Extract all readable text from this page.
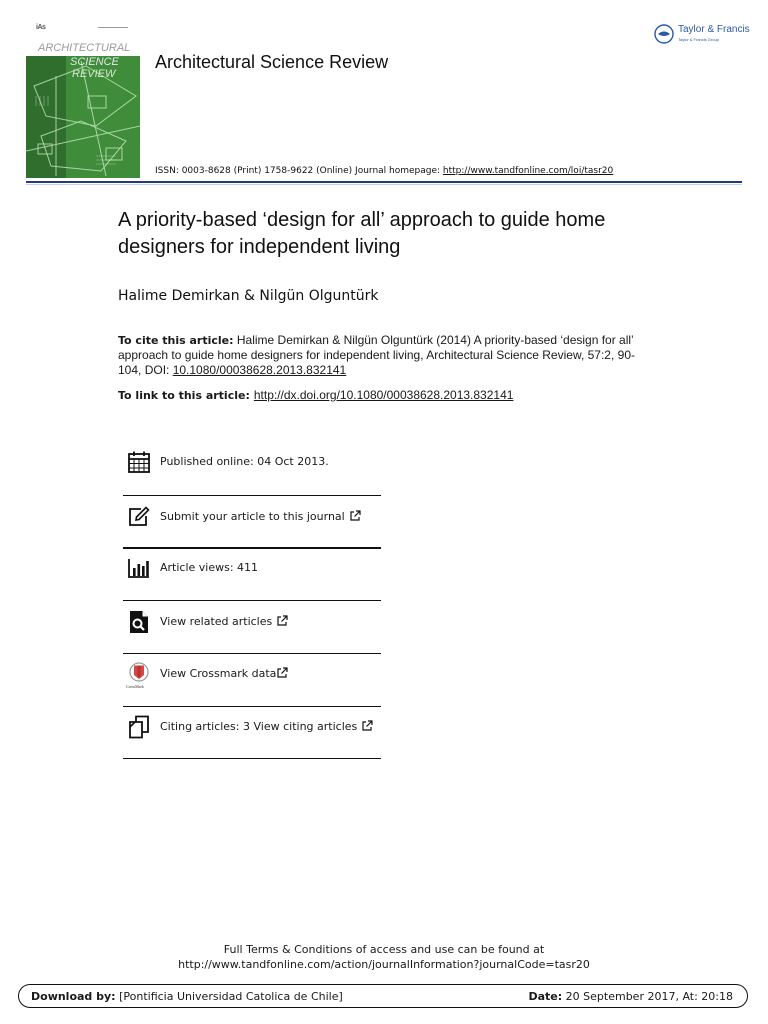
iAs
ARCHITECTURAL
SCIENCE
REVIEW
Architectural Science Review
ISSN: 0003-8628 (Print) 1758-9622 (Online) Journal homepage: http://www.tandfonline.com/loi/tasr20
Taylor & Francis
Taylor & Francis Group
A priority-based ‘design for all’ approach to guide home designers for independent living
Halime Demirkan & Nilgün Olguntürk
To cite this article: Halime Demirkan & Nilgün Olguntürk (2014) A priority-based ‘design for all’ approach to guide home designers for independent living, Architectural Science Review, 57:2, 90-104, DOI: 10.1080/00038628.2013.832141
To link to this article: http://dx.doi.org/10.1080/00038628.2013.832141
Published online: 04 Oct 2013.
Submit your article to this journal
Article views: 411
View related articles
CrossMark
View Crossmark data
Citing articles: 3 View citing articles
Full Terms & Conditions of access and use can be found at
http://www.tandfonline.com/action/journalInformation?journalCode=tasr20
Download by: [Pontificia Universidad Catolica de Chile]	Date: 20 September 2017, At: 20:18
